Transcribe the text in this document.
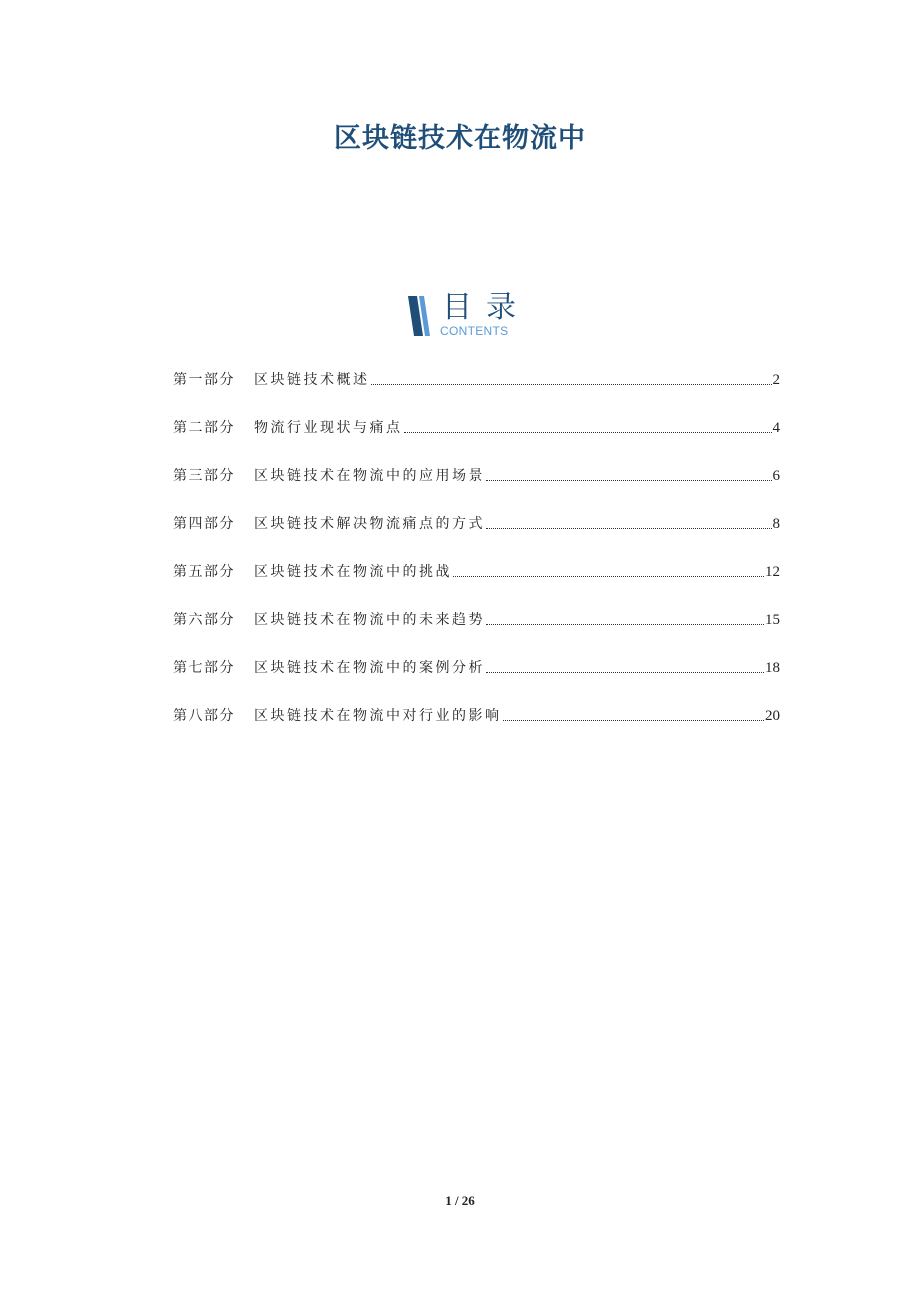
区块链技术在物流中
目录
CONTENTS
第一部分	区块链技术概述	2
第二部分	物流行业现状与痛点	4
第三部分	区块链技术在物流中的应用场景	6
第四部分	区块链技术解决物流痛点的方式	8
第五部分	区块链技术在物流中的挑战	12
第六部分	区块链技术在物流中的未来趋势	15
第七部分	区块链技术在物流中的案例分析	18
第八部分	区块链技术在物流中对行业的影响	20
1 / 26
